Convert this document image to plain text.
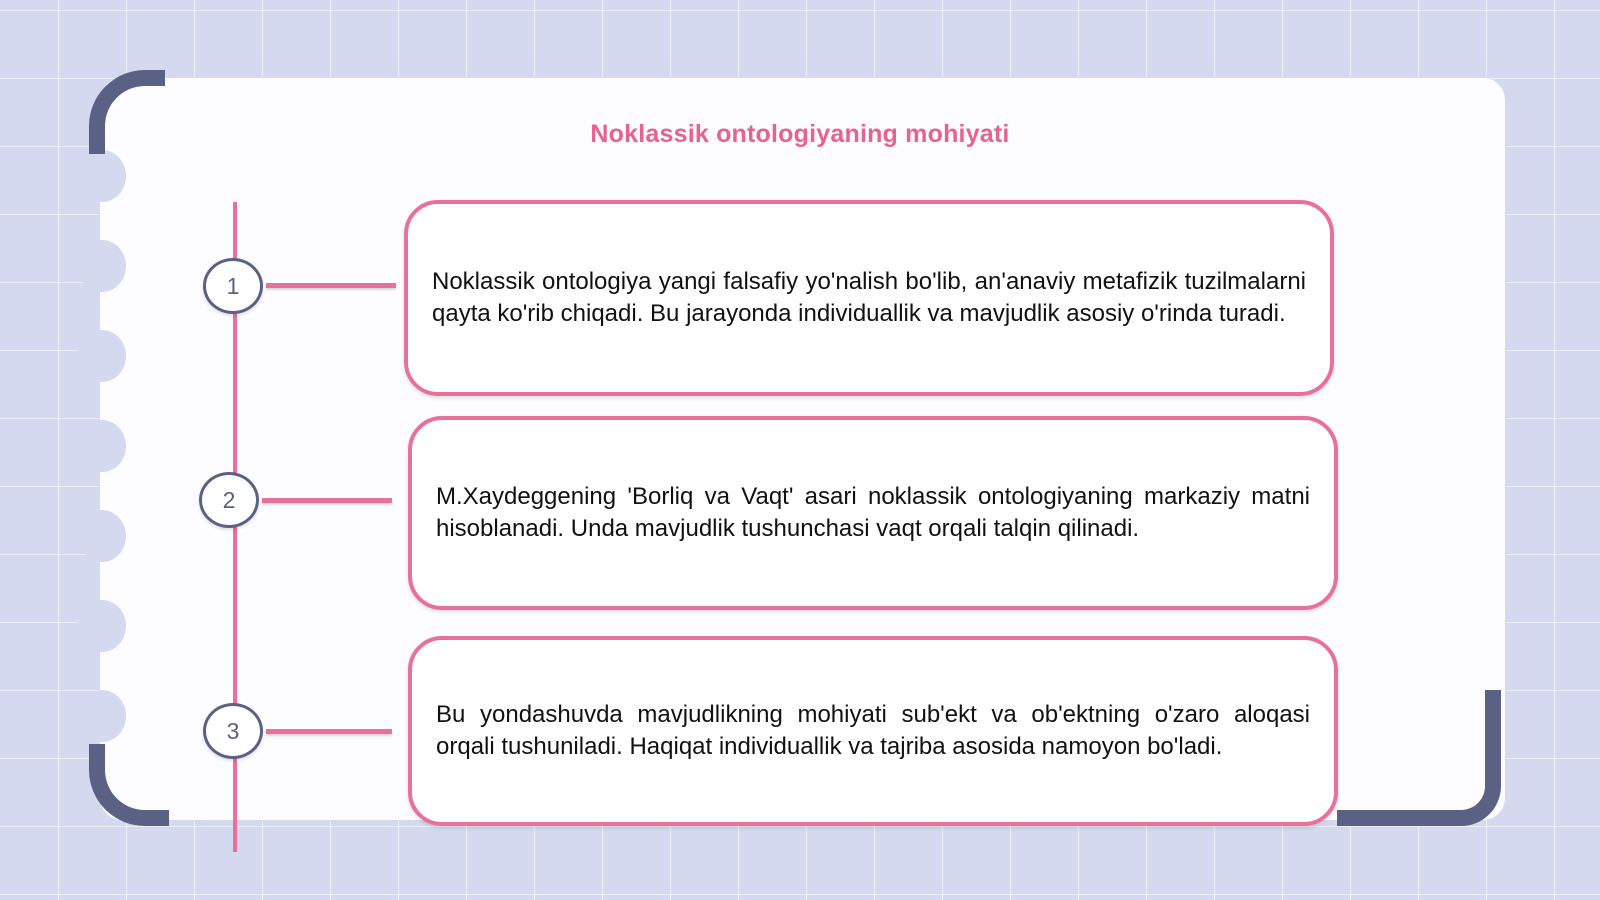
Noklassik ontologiyaning mohiyati
1	Noklassik ontologiya yangi falsafiy yo'nalish bo'lib, an'anaviy metafizik tuzilmalarni qayta ko'rib chiqadi. Bu jarayonda individuallik va mavjudlik asosiy o'rinda turadi.

2	M.Xaydeggening 'Borliq va Vaqt' asari noklassik ontologiyaning markaziy matni hisoblanadi. Unda mavjudlik tushunchasi vaqt orqali talqin qilinadi.

3

Bu yondashuvda mavjudlikning mohiyati sub'ekt va ob'ektning o'zaro aloqasi orqali tushuniladi. Haqiqat individuallik va tajriba asosida namoyon bo'ladi.
